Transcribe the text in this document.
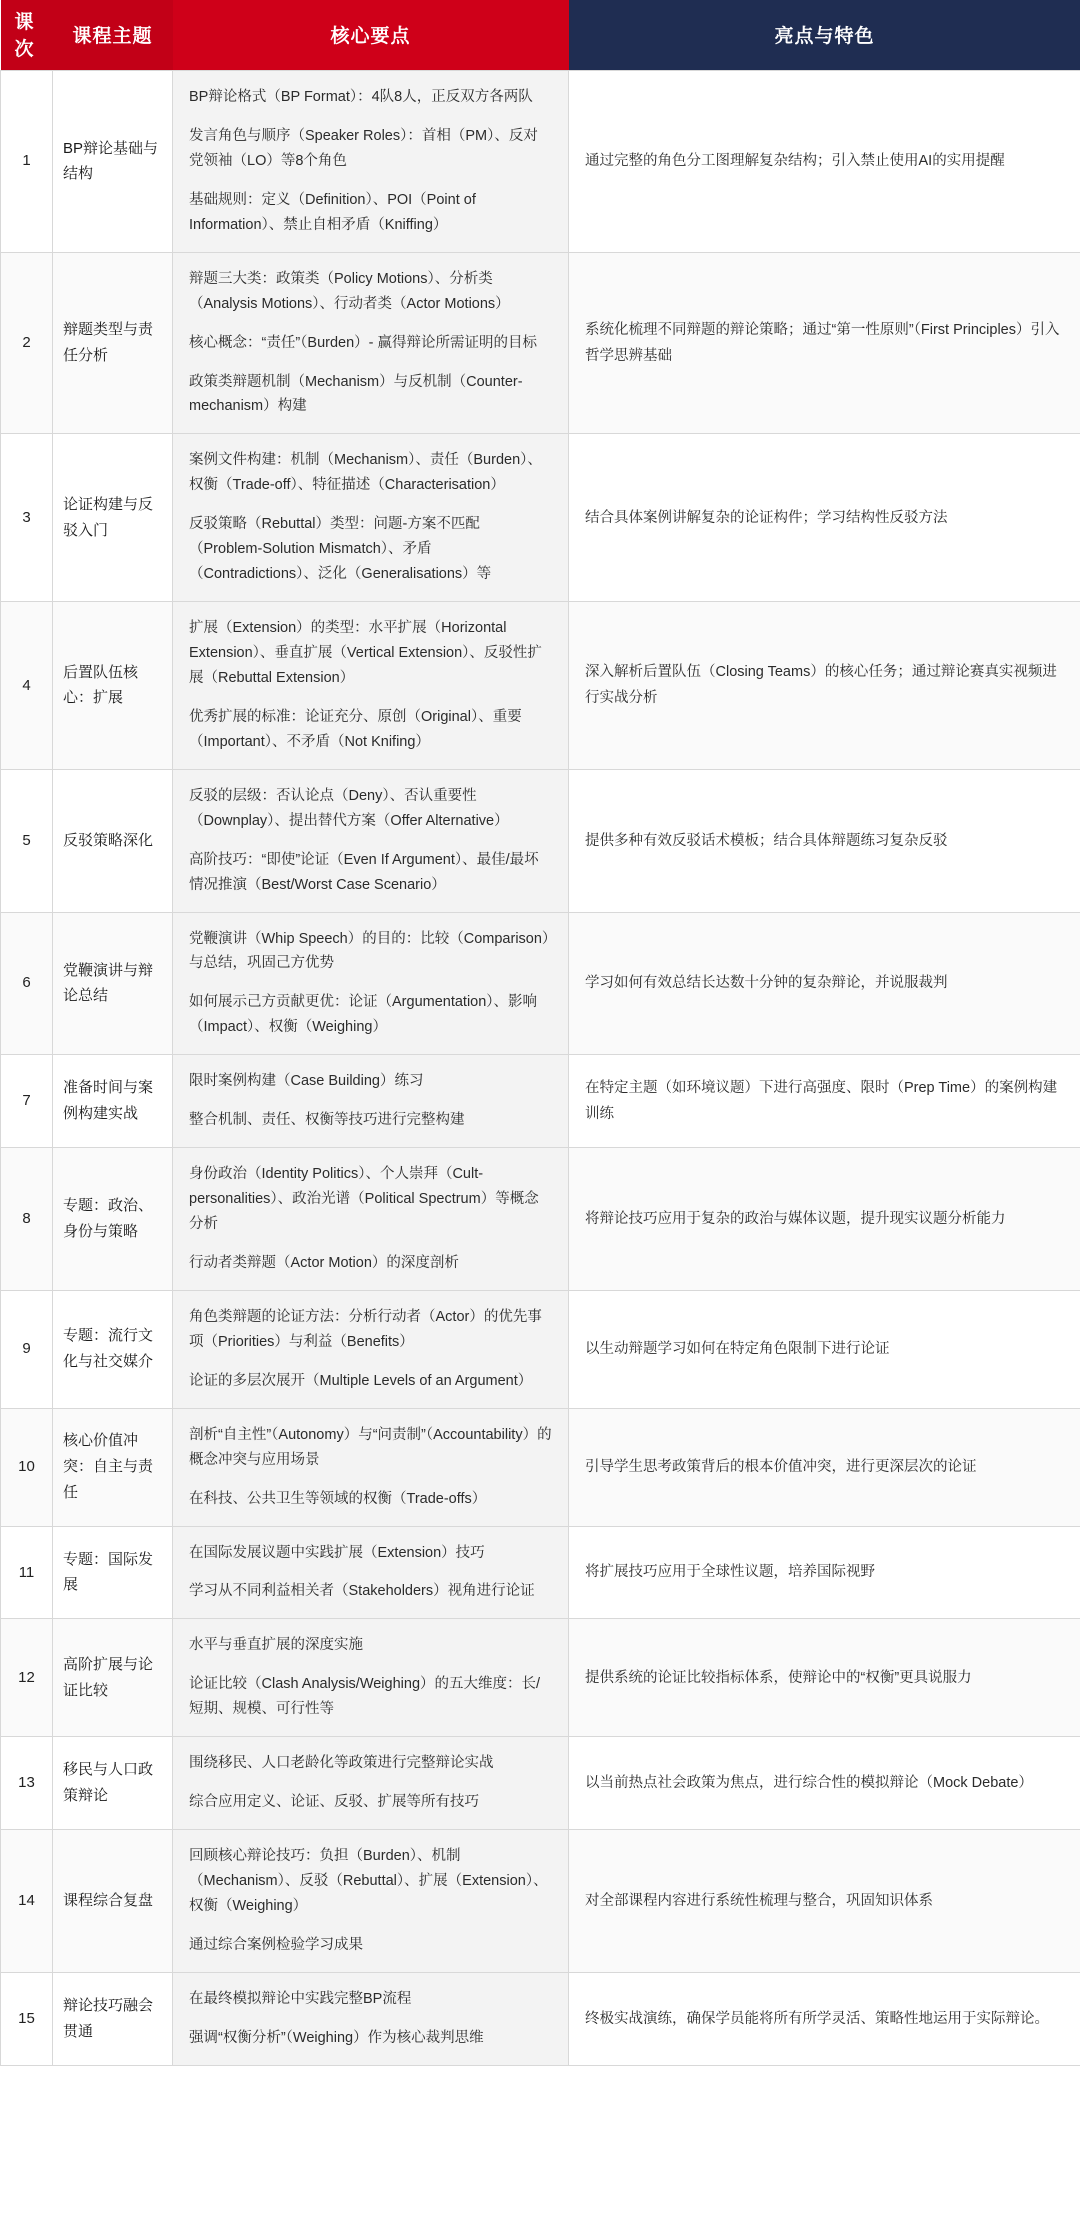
课次	课程主题	核心要点	亮点与特色
1	BP辩论基础与结构	BP辩论格式（BP Format）：4队8人，正反双方各两队
发言角色与顺序（Speaker Roles）：首相（PM）、反对党领袖（LO）等8个角色
基础规则：定义（Definition）、POI（Point of Information）、禁止自相矛盾（Kniffing）	通过完整的角色分工图理解复杂结构；引入禁止使用AI的实用提醒
2	辩题类型与责任分析	辩题三大类：政策类（Policy Motions）、分析类（Analysis Motions）、行动者类（Actor Motions）
核心概念：“责任”（Burden）- 赢得辩论所需证明的目标
政策类辩题机制（Mechanism）与反机制（Counter-mechanism）构建	系统化梳理不同辩题的辩论策略；通过“第一性原则”（First Principles）引入哲学思辨基础
3	论证构建与反驳入门	案例文件构建：机制（Mechanism）、责任（Burden）、权衡（Trade-off）、特征描述（Characterisation）
反驳策略（Rebuttal）类型：问题-方案不匹配（Problem-Solution Mismatch）、矛盾（Contradictions）、泛化（Generalisations）等	结合具体案例讲解复杂的论证构件；学习结构性反驳方法
4	后置队伍核心：扩展	扩展（Extension）的类型：水平扩展（Horizontal Extension）、垂直扩展（Vertical Extension）、反驳性扩展（Rebuttal Extension）
优秀扩展的标准：论证充分、原创（Original）、重要（Important）、不矛盾（Not Knifing）	深入解析后置队伍（Closing Teams）的核心任务；通过辩论赛真实视频进行实战分析
5	反驳策略深化	反驳的层级：否认论点（Deny）、否认重要性（Downplay）、提出替代方案（Offer Alternative）
高阶技巧：“即使”论证（Even If Argument）、最佳/最坏情况推演（Best/Worst Case Scenario）	提供多种有效反驳话术模板；结合具体辩题练习复杂反驳
6	党鞭演讲与辩论总结	党鞭演讲（Whip Speech）的目的：比较（Comparison）与总结，巩固己方优势
如何展示己方贡献更优：论证（Argumentation）、影响（Impact）、权衡（Weighing）	学习如何有效总结长达数十分钟的复杂辩论，并说服裁判
7	准备时间与案例构建实战	限时案例构建（Case Building）练习
整合机制、责任、权衡等技巧进行完整构建	在特定主题（如环境议题）下进行高强度、限时（Prep Time）的案例构建训练
8	专题：政治、身份与策略	身份政治（Identity Politics）、个人崇拜（Cult-personalities）、政治光谱（Political Spectrum）等概念分析
行动者类辩题（Actor Motion）的深度剖析	将辩论技巧应用于复杂的政治与媒体议题，提升现实议题分析能力
9	专题：流行文化与社交媒介	角色类辩题的论证方法：分析行动者（Actor）的优先事项（Priorities）与利益（Benefits）
论证的多层次展开（Multiple Levels of an Argument）	以生动辩题学习如何在特定角色限制下进行论证
10	核心价值冲突：自主与责任	剖析“自主性”（Autonomy）与“问责制”（Accountability）的概念冲突与应用场景
在科技、公共卫生等领域的权衡（Trade-offs）	引导学生思考政策背后的根本价值冲突，进行更深层次的论证
11	专题：国际发展	在国际发展议题中实践扩展（Extension）技巧
学习从不同利益相关者（Stakeholders）视角进行论证	将扩展技巧应用于全球性议题，培养国际视野
12	高阶扩展与论证比较	水平与垂直扩展的深度实施
论证比较（Clash Analysis/Weighing）的五大维度：长/短期、规模、可行性等	提供系统的论证比较指标体系，使辩论中的“权衡”更具说服力
13	移民与人口政策辩论	围绕移民、人口老龄化等政策进行完整辩论实战
综合应用定义、论证、反驳、扩展等所有技巧	以当前热点社会政策为焦点，进行综合性的模拟辩论（Mock Debate）
14	课程综合复盘	回顾核心辩论技巧：负担（Burden）、机制（Mechanism）、反驳（Rebuttal）、扩展（Extension）、权衡（Weighing）
通过综合案例检验学习成果	对全部课程内容进行系统性梳理与整合，巩固知识体系
15	辩论技巧融会贯通	在最终模拟辩论中实践完整BP流程
强调“权衡分析”（Weighing）作为核心裁判思维	终极实战演练，确保学员能将所有所学灵活、策略性地运用于实际辩论。
